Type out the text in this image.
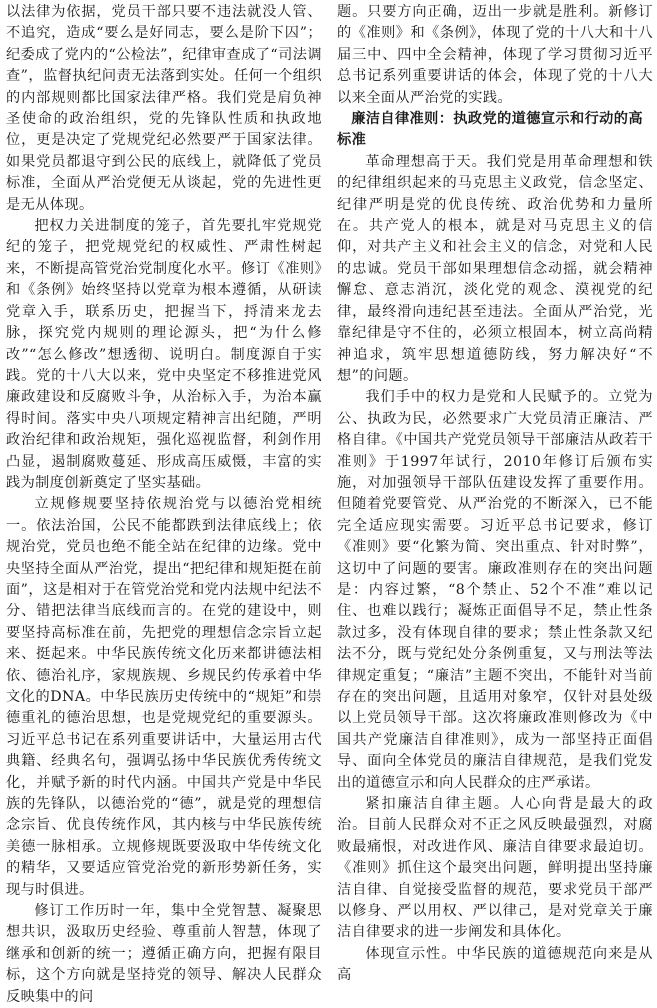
以法律为依据，党员干部只要不违法就没人管、不追究，造成“要么是好同志，要么是阶下囚”；纪委成了党内的“公检法”，纪律审查成了“司法调查”，监督执纪问责无法落到实处。任何一个组织的内部规则都比国家法律严格。我们党是肩负神圣使命的政治组织，党的先锋队性质和执政地位，更是决定了党规党纪必然要严于国家法律。如果党员都退守到公民的底线上，就降低了党员标准，全面从严治党便无从谈起，党的先进性更是无从体现。

把权力关进制度的笼子，首先要扎牢党规党纪的笼子，把党规党纪的权威性、严肃性树起来，不断提高管党治党制度化水平。修订《准则》和《条例》始终坚持以党章为根本遵循，从研读党章入手，联系历史，把握当下，捋清来龙去脉，探究党内规则的理论源头，把“为什么修改”“怎么修改”想透彻、说明白。制度源自于实践。党的十八大以来，党中央坚定不移推进党风廉政建设和反腐败斗争，从治标入手，为治本赢得时间。落实中央八项规定精神言出纪随，严明政治纪律和政治规矩，强化巡视监督，利剑作用凸显，遏制腐败蔓延、形成高压威慑，丰富的实践为制度创新奠定了坚实基础。

立规修规要坚持依规治党与以德治党相统一。依法治国，公民不能都跌到法律底线上；依规治党，党员也绝不能全站在纪律的边缘。党中央坚持全面从严治党，提出“把纪律和规矩挺在前面”，这是相对于在管党治党和党内法规中纪法不分、错把法律当底线而言的。在党的建设中，则要坚持高标准在前，先把党的理想信念宗旨立起来、挺起来。中华民族传统文化历来都讲德法相依、德治礼序，家规族规、乡规民约传承着中华文化的DNA。中华民族历史传统中的“规矩”和崇德重礼的德治思想，也是党规党纪的重要源头。习近平总书记在系列重要讲话中，大量运用古代典籍、经典名句，强调弘扬中华民族优秀传统文化，并赋予新的时代内涵。中国共产党是中华民族的先锋队，以德治党的“德”，就是党的理想信念宗旨、优良传统作风，其内核与中华民族传统美德一脉相承。立规修规既要汲取中华传统文化的精华，又要适应管党治党的新形势新任务，实现与时俱进。

修订工作历时一年，集中全党智慧、凝聚思想共识，汲取历史经验、尊重前人智慧，体现了继承和创新的统一；遵循正确方向，把握有限目标，这个方向就是坚持党的领导、解决人民群众反映集中的问

题。只要方向正确，迈出一步就是胜利。新修订的《准则》和《条例》，体现了党的十八大和十八届三中、四中全会精神，体现了学习贯彻习近平总书记系列重要讲话的体会，体现了党的十八大以来全面从严治党的实践。

廉洁自律准则：执政党的道德宣示和行动的高标准

革命理想高于天。我们党是用革命理想和铁的纪律组织起来的马克思主义政党，信念坚定、纪律严明是党的优良传统、政治优势和力量所在。共产党人的根本，就是对马克思主义的信仰，对共产主义和社会主义的信念，对党和人民的忠诚。党员干部如果理想信念动摇，就会精神懈怠、意志消沉，淡化党的观念、漠视党的纪律，最终滑向违纪甚至违法。全面从严治党，光靠纪律是守不住的，必须立根固本，树立高尚精神追求，筑牢思想道德防线，努力解决好“不想”的问题。

我们手中的权力是党和人民赋予的。立党为公、执政为民，必然要求广大党员清正廉洁、严格自律。《中国共产党党员领导干部廉洁从政若干准则》于1997年试行，2010年修订后颁布实施，对加强领导干部队伍建设发挥了重要作用。但随着党要管党、从严治党的不断深入，已不能完全适应现实需要。习近平总书记要求，修订《准则》要“化繁为简、突出重点、针对时弊”，这切中了问题的要害。廉政准则存在的突出问题是：内容过繁，“8个禁止、52个不准”难以记住、也难以践行；凝炼正面倡导不足，禁止性条款过多，没有体现自律的要求；禁止性条款又纪法不分，既与党纪处分条例重复，又与刑法等法律规定重复；“廉洁”主题不突出，不能针对当前存在的突出问题，且适用对象窄，仅针对县处级以上党员领导干部。这次将廉政准则修改为《中国共产党廉洁自律准则》，成为一部坚持正面倡导、面向全体党员的廉洁自律规范，是我们党发出的道德宣示和向人民群众的庄严承诺。

紧扣廉洁自律主题。人心向背是最大的政治。目前人民群众对不正之风反映最强烈，对腐败最痛恨，对改进作风、廉洁自律要求最迫切。《准则》抓住这个最突出问题，鲜明提出坚持廉洁自律、自觉接受监督的规范，要求党员干部严以修身、严以用权、严以律己，是对党章关于廉洁自律要求的进一步阐发和具体化。

体现宣示性。中华民族的道德规范向来是从高
